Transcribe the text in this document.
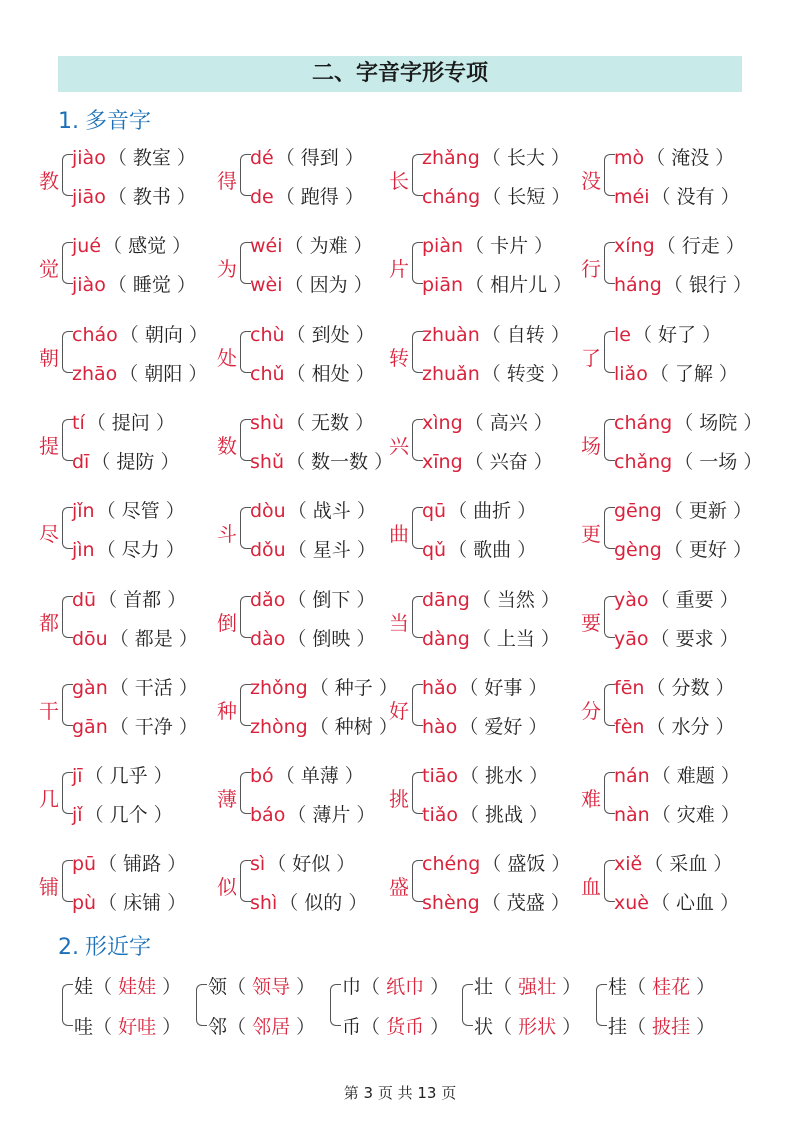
二、字音字形专项
1. 多音字
教
jiào （ 教室 ）
jiāo （ 教书 ）
得
dé （ 得到 ）
de （ 跑得 ）
长
zhǎng （ 长大 ）
cháng （ 长短 ）
没
mò （ 淹没 ）
méi （ 没有 ）
觉
jué （ 感觉 ）
jiào （ 睡觉 ）
为
wéi （ 为难 ）
wèi （ 因为 ）
片
piàn （ 卡片 ）
piān （ 相片儿 ）
行
xíng （ 行走 ）
háng （ 银行 ）
朝
cháo （ 朝向 ）
zhāo （ 朝阳 ）
处
chù （ 到处 ）
chǔ （ 相处 ）
转
zhuàn （ 自转 ）
zhuǎn （ 转变 ）
了
le （ 好了 ）
liǎo （ 了解 ）
提
tí （ 提问 ）
dī （ 提防 ）
数
shù （ 无数 ）
shǔ （ 数一数 ）
兴
xìng （ 高兴 ）
xīng （ 兴奋 ）
场
cháng （ 场院 ）
chǎng （ 一场 ）
尽
jǐn （ 尽管 ）
jìn （ 尽力 ）
斗
dòu （ 战斗 ）
dǒu （ 星斗 ）
曲
qū （ 曲折 ）
qǔ （ 歌曲 ）
更
gēng （ 更新 ）
gèng （ 更好 ）
都
dū （ 首都 ）
dōu （ 都是 ）
倒
dǎo （ 倒下 ）
dào （ 倒映 ）
当
dāng （ 当然 ）
dàng （ 上当 ）
要
yào （ 重要 ）
yāo （ 要求 ）
干
gàn （ 干活 ）
gān （ 干净 ）
种
zhǒng （ 种子 ）
zhòng （ 种树 ）
好
hǎo （ 好事 ）
hào （ 爱好 ）
分
fēn （ 分数 ）
fèn （ 水分 ）
几
jī （ 几乎 ）
jǐ （ 几个 ）
薄
bó （ 单薄 ）
báo （ 薄片 ）
挑
tiāo （ 挑水 ）
tiǎo （ 挑战 ）
难
nán （ 难题 ）
nàn （ 灾难 ）
铺
pū （ 铺路 ）
pù （ 床铺 ）
似
sì （ 好似 ）
shì （ 似的 ）
盛
chéng （ 盛饭 ）
shèng （ 茂盛 ）
血
xiě （ 采血 ）
xuè （ 心血 ）
2. 形近字
娃（ 娃娃 ）
哇（ 好哇 ）
领（ 领导 ）
邻（ 邻居 ）
巾（ 纸巾 ）
币（ 货币 ）
壮（ 强壮 ）
状（ 形状 ）
桂（ 桂花 ）
挂（ 披挂 ）
第 3 页 共 13 页
